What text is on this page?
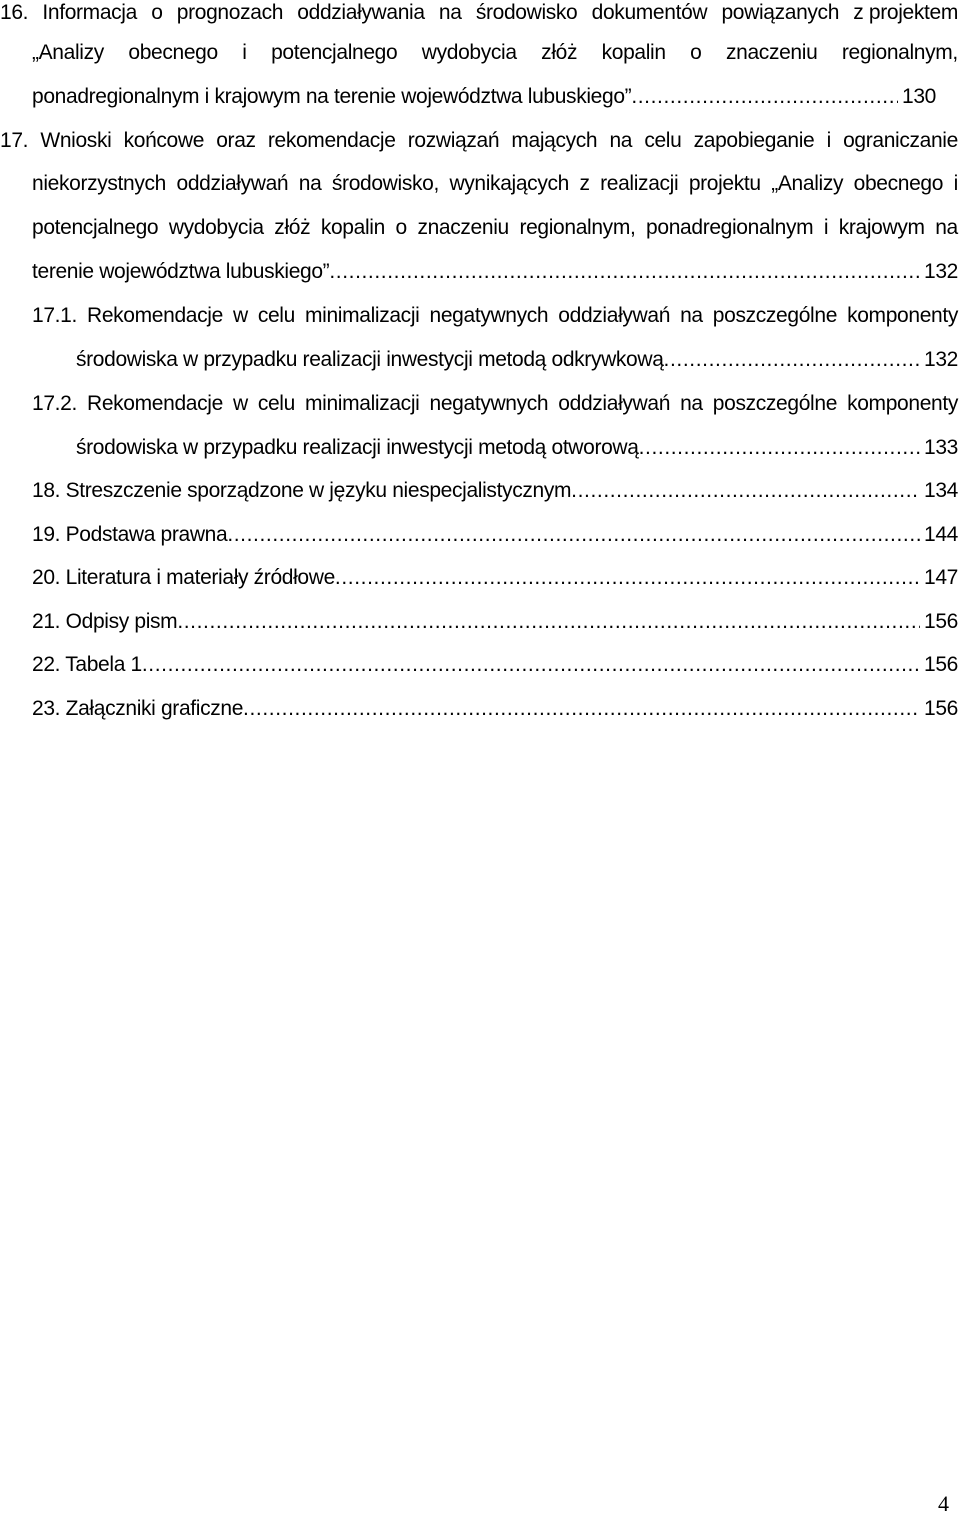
16. Informacja o prognozach oddziaływania na środowisko dokumentów powiązanych z projektem
„Analizy obecnego i potencjalnego wydobycia złóż kopalin o znaczeniu regionalnym,
ponadregionalnym i krajowym na terenie województwa lubuskiego” .....	130
17. Wnioski końcowe oraz rekomendacje rozwiązań mających na celu zapobieganie i ograniczanie
niekorzystnych oddziaływań na środowisko, wynikających z realizacji projektu „Analizy obecnego i
potencjalnego wydobycia złóż kopalin o znaczeniu regionalnym, ponadregionalnym i krajowym na
terenie województwa lubuskiego” .....	132
17.1. Rekomendacje w celu minimalizacji negatywnych oddziaływań na poszczególne komponenty
środowiska w przypadku realizacji inwestycji metodą odkrywkową .....	132
17.2. Rekomendacje w celu minimalizacji negatywnych oddziaływań na poszczególne komponenty
środowiska w przypadku realizacji inwestycji metodą otworową .....	133
18. Streszczenie sporządzone w języku niespecjalistycznym .....	134
19. Podstawa prawna .....	144
20. Literatura i materiały źródłowe .....	147
21. Odpisy pism .....	156
22. Tabela 1 .....	156
23. Załączniki graficzne .....	156
4
